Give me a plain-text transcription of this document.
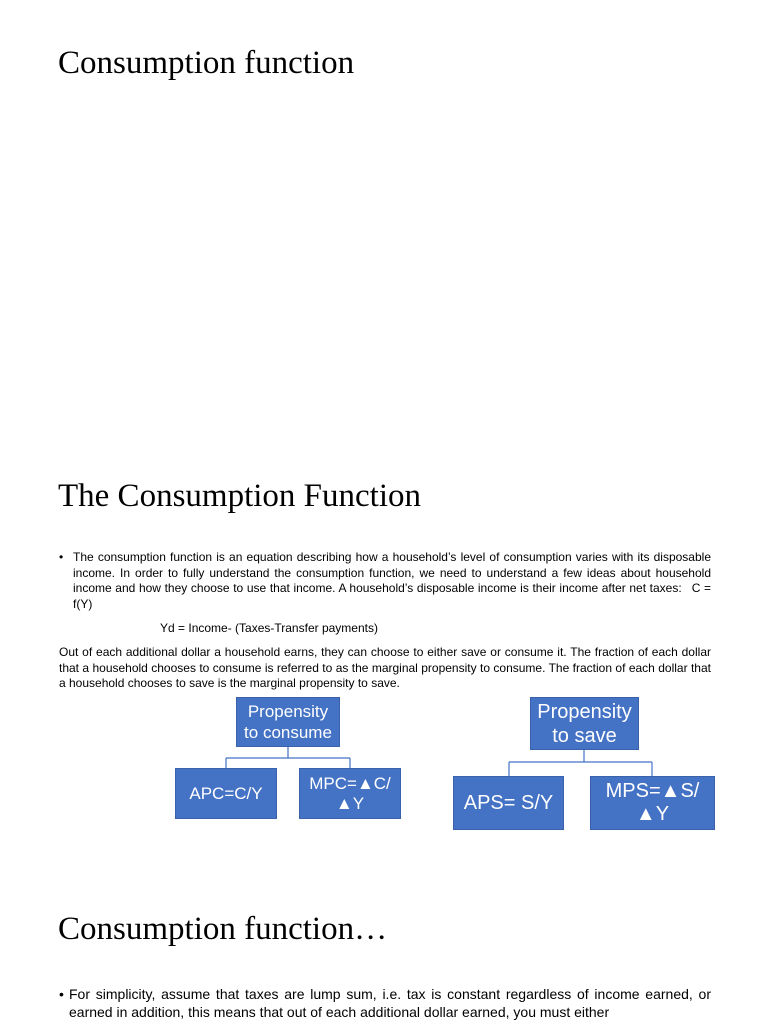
Consumption function
The Consumption Function

• The consumption function is an equation describing how a household’s level of consumption varies with its disposable income. In order to fully understand the consumption function, we need to understand a few ideas about household income and how they choose to use that income. A household’s disposable income is their income after net taxes: C = f(Y)

Yd = Income- (Taxes-Transfer payments)

Out of each additional dollar a household earns, they can choose to either save or consume it. The fraction of each dollar that a household chooses to consume is referred to as the marginal propensity to consume. The fraction of each dollar that a household chooses to save is the marginal propensity to save.

Propensity
to consume
APC=C/Y
MPC=▲C/▲Y
Propensity
to save
APS= S/Y
MPS=▲S/▲Y
Consumption function…

• For simplicity, assume that taxes are lump sum, i.e. tax is constant regardless of income earned, or earned in addition, this means that out of each additional dollar earned, you must either
